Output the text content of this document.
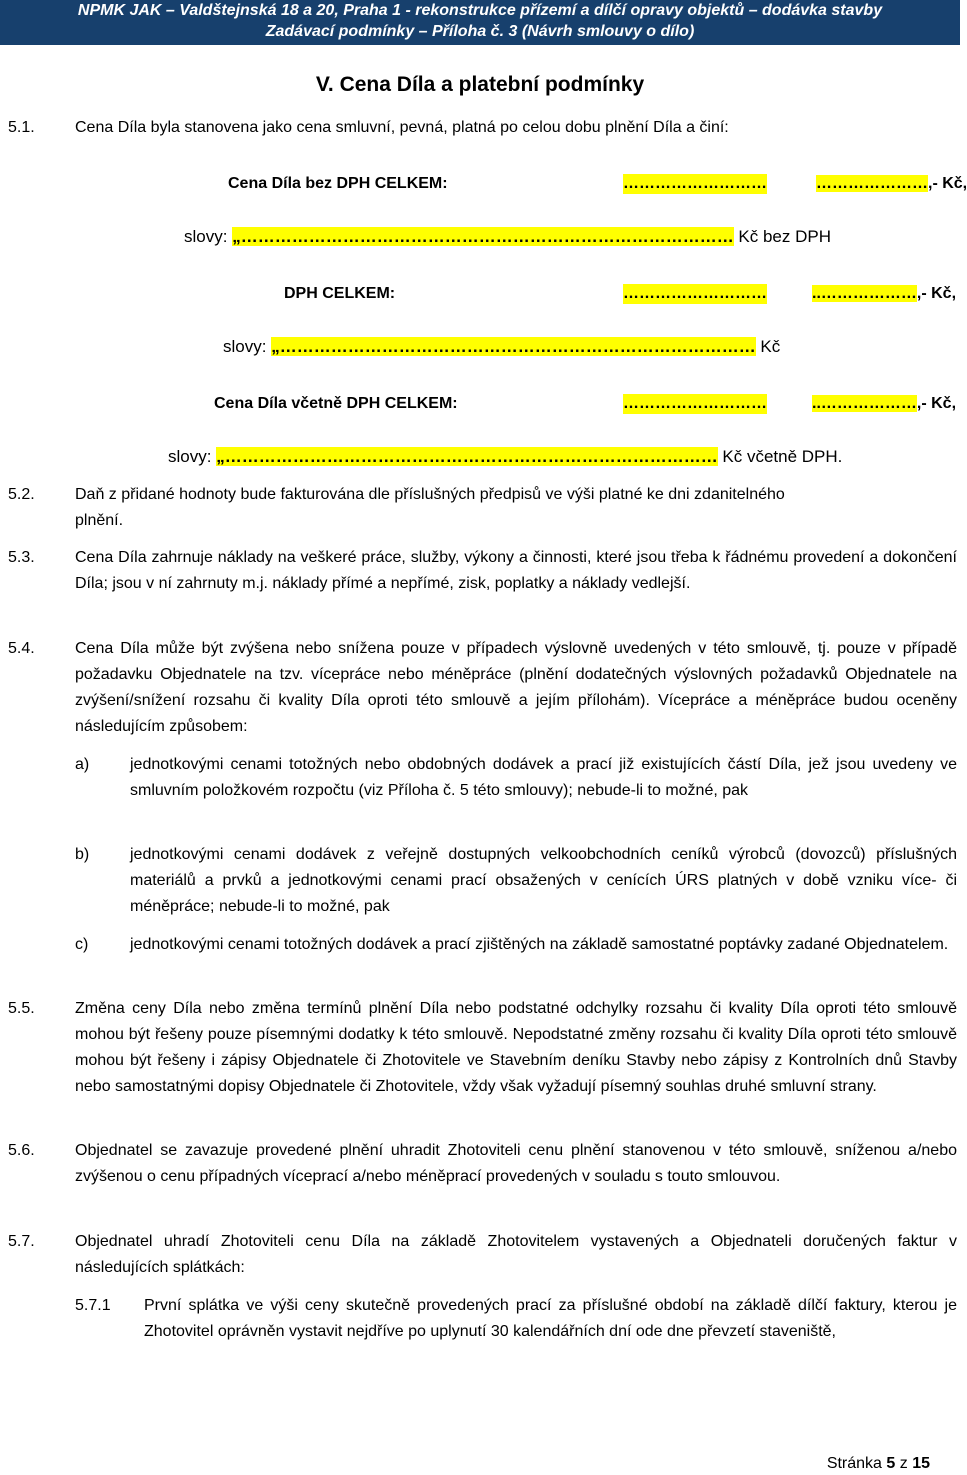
NPMK JAK – Valdštejnská 18 a 20, Praha 1 - rekonstrukce přízemí a dílčí opravy objektů – dodávka stavby
Zadávací podmínky – Příloha č. 3 (Návrh smlouvy o dílo)
V. Cena Díla a platební podmínky
5.1.	Cena Díla byla stanovena jako cena smluvní, pevná, platná po celou dobu plnění Díla a činí:
Cena Díla bez DPH CELKEM:	………………………	…………………,- Kč,
slovy: „…………………………………………………………………………… Kč bez DPH
DPH CELKEM:	………………………	..………………,- Kč,
slovy: „………………………………………………………………………… Kč
Cena Díla včetně DPH CELKEM:	………………………	..………………,- Kč,
slovy: „…………………………………………………………………………… Kč včetně DPH.
5.2.	Daň z přidané hodnoty bude fakturována dle příslušných předpisů ve výši platné ke dni zdanitelného
plnění.
5.3.	Cena Díla zahrnuje náklady na veškeré práce, služby, výkony a činnosti, které jsou třeba k řádnému provedení a dokončení Díla; jsou v ní zahrnuty m.j. náklady přímé a nepřímé, zisk, poplatky a náklady vedlejší.
5.4.	Cena Díla může být zvýšena nebo snížena pouze v případech výslovně uvedených v této smlouvě, tj. pouze v případě požadavku Objednatele na tzv. vícepráce nebo méněpráce (plnění dodatečných výslovných požadavků Objednatele na zvýšení/snížení rozsahu či kvality Díla oproti této smlouvě a jejím přílohám). Vícepráce a méněpráce budou oceněny následujícím způsobem:
a)	jednotkovými cenami totožných nebo obdobných dodávek a prací již existujících částí Díla, jež jsou uvedeny ve smluvním položkovém rozpočtu (viz Příloha č. 5 této smlouvy); nebude-li to možné, pak
b)	jednotkovými cenami dodávek z veřejně dostupných velkoobchodních ceníků výrobců (dovozců) příslušných materiálů a prvků a jednotkovými cenami prací obsažených v cenících ÚRS platných v době vzniku více- či méněpráce; nebude-li to možné, pak
c)	jednotkovými cenami totožných dodávek a prací zjištěných na základě samostatné poptávky zadané Objednatelem.
5.5.	Změna ceny Díla nebo změna termínů plnění Díla nebo podstatné odchylky rozsahu či kvality Díla oproti této smlouvě mohou být řešeny pouze písemnými dodatky k této smlouvě. Nepodstatné změny rozsahu či kvality Díla oproti této smlouvě mohou být řešeny i zápisy Objednatele či Zhotovitele ve Stavebním deníku Stavby nebo zápisy z Kontrolních dnů Stavby nebo samostatnými dopisy Objednatele či Zhotovitele, vždy však vyžadují písemný souhlas druhé smluvní strany.
5.6.	Objednatel se zavazuje provedené plnění uhradit Zhotoviteli cenu plnění stanovenou v této smlouvě, sníženou a/nebo zvýšenou o cenu případných víceprací a/nebo méněprací provedených v souladu s touto smlouvou.
5.7.	Objednatel uhradí Zhotoviteli cenu Díla na základě Zhotovitelem vystavených a Objednateli doručených faktur v následujících splátkách:
5.7.1 První splátka ve výši ceny skutečně provedených prací za příslušné období na základě dílčí faktury, kterou je Zhotovitel oprávněn vystavit nejdříve po uplynutí 30 kalendářních dní ode dne převzetí staveniště,
Stránka 5 z 15
